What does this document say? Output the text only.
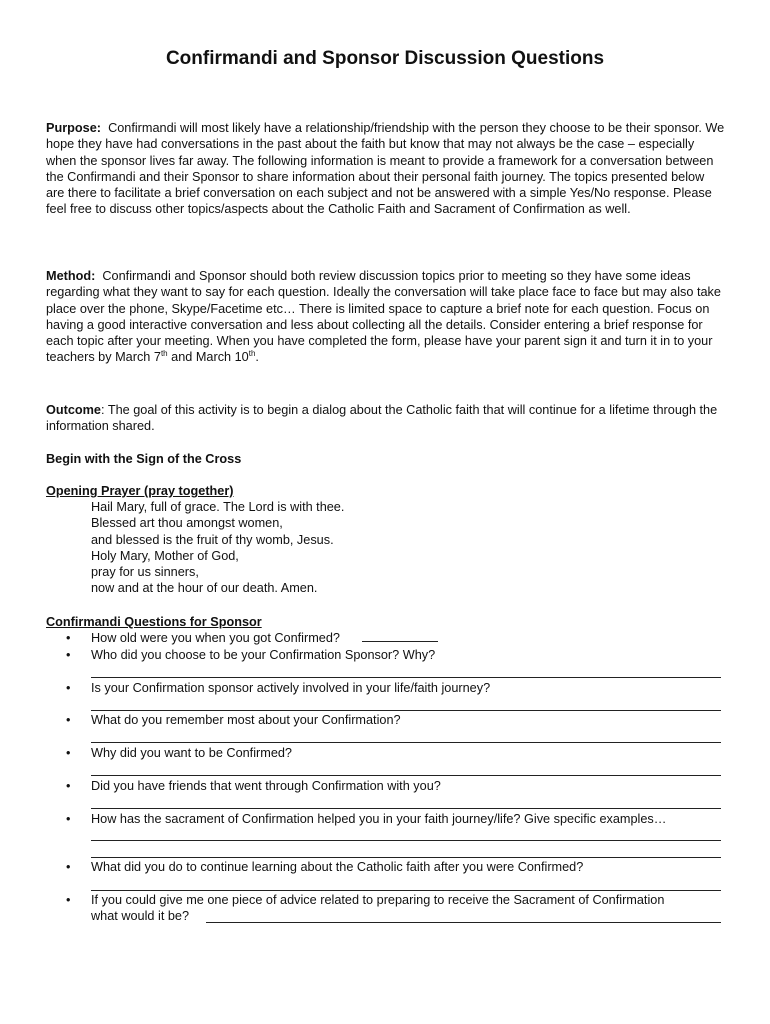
Confirmandi and Sponsor Discussion Questions
Purpose: Confirmandi will most likely have a relationship/friendship with the person they choose to be their sponsor. We hope they have had conversations in the past about the faith but know that may not always be the case – especially when the sponsor lives far away. The following information is meant to provide a framework for a conversation between the Confirmandi and their Sponsor to share information about their personal faith journey. The topics presented below are there to facilitate a brief conversation on each subject and not be answered with a simple Yes/No response. Please feel free to discuss other topics/aspects about the Catholic Faith and Sacrament of Confirmation as well.
Method: Confirmandi and Sponsor should both review discussion topics prior to meeting so they have some ideas regarding what they want to say for each question. Ideally the conversation will take place face to face but may also take place over the phone, Skype/Facetime etc… There is limited space to capture a brief note for each question. Focus on having a good interactive conversation and less about collecting all the details. Consider entering a brief response for each topic after your meeting. When you have completed the form, please have your parent sign it and turn it in to your teachers by March 7th and March 10th.
Outcome: The goal of this activity is to begin a dialog about the Catholic faith that will continue for a lifetime through the information shared.
Begin with the Sign of the Cross
Opening Prayer (pray together)
Hail Mary, full of grace. The Lord is with thee.
Blessed art thou amongst women,
and blessed is the fruit of thy womb, Jesus.
Holy Mary, Mother of God,
pray for us sinners,
now and at the hour of our death. Amen.
Confirmandi Questions for Sponsor
• How old were you when you got Confirmed?
• Who did you choose to be your Confirmation Sponsor? Why?
• Is your Confirmation sponsor actively involved in your life/faith journey?
• What do you remember most about your Confirmation?
• Why did you want to be Confirmed?
• Did you have friends that went through Confirmation with you?
• How has the sacrament of Confirmation helped you in your faith journey/life? Give specific examples…
• What did you do to continue learning about the Catholic faith after you were Confirmed?
• If you could give me one piece of advice related to preparing to receive the Sacrament of Confirmation
what would it be?
